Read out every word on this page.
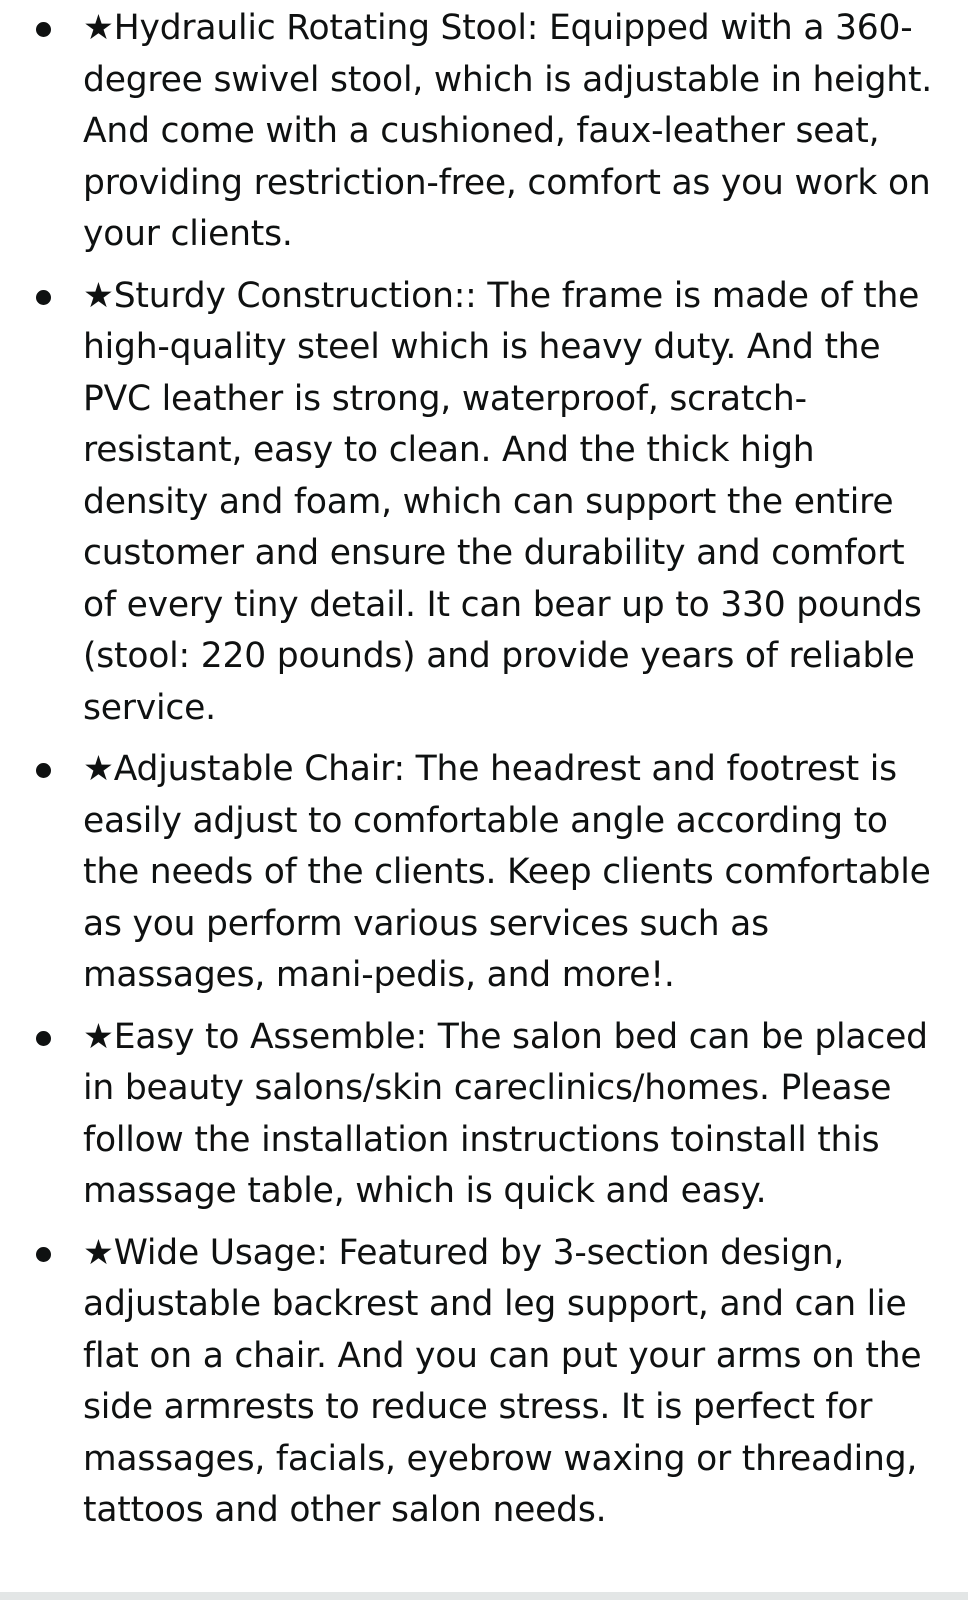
★Hydraulic Rotating Stool: Equipped with a 360-degree swivel stool, which is adjustable in height. And come with a cushioned, faux-leather seat, providing restriction-free, comfort as you work on your clients.
★Sturdy Construction:: The frame is made of the high-quality steel which is heavy duty. And the PVC leather is strong, waterproof, scratch-resistant, easy to clean. And the thick high density and foam, which can support the entire customer and ensure the durability and comfort of every tiny detail. It can bear up to 330 pounds (stool: 220 pounds) and provide years of reliable service.
★Adjustable Chair: The headrest and footrest is easily adjust to comfortable angle according to the needs of the clients. Keep clients comfortable as you perform various services such as massages, mani-pedis, and more!.
★Easy to Assemble: The salon bed can be placed in beauty salons/skin careclinics/homes. Please follow the installation instructions toinstall this massage table, which is quick and easy.
★Wide Usage: Featured by 3-section design, adjustable backrest and leg support, and can lie flat on a chair. And you can put your arms on the side armrests to reduce stress. It is perfect for massages, facials, eyebrow waxing or threading, tattoos and other salon needs.
